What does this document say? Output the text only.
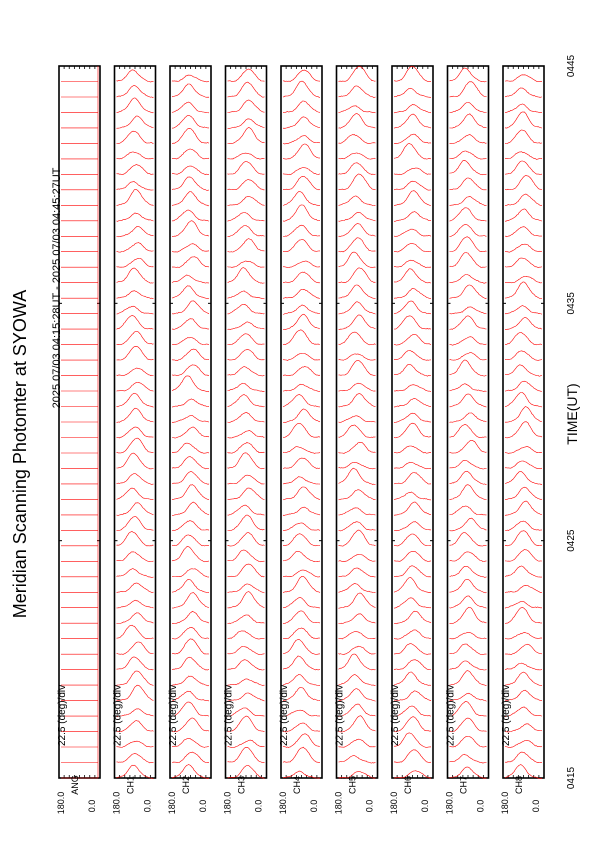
Meridian Scanning Photomter at SYOWA
2025 07/03 04:15:28UT - 2025 07/03 04:45:27UT
TIME(UT)
0415
0425
0435
0445
180.0
ANG
0.0
22.5 (deg)/div
180.0
CH1
0.0
22.5 (deg)/div
180.0
CH2
0.0
22.5 (deg)/div
180.0
CH3
0.0
22.5 (deg)/div
180.0
CH4
0.0
22.5 (deg)/div
180.0
CH5
0.0
22.5 (deg)/div
180.0
CH6
0.0
22.5 (deg)/div
180.0
CH7
0.0
22.5 (deg)/div
180.0
CH8
0.0
22.5 (deg)/div
